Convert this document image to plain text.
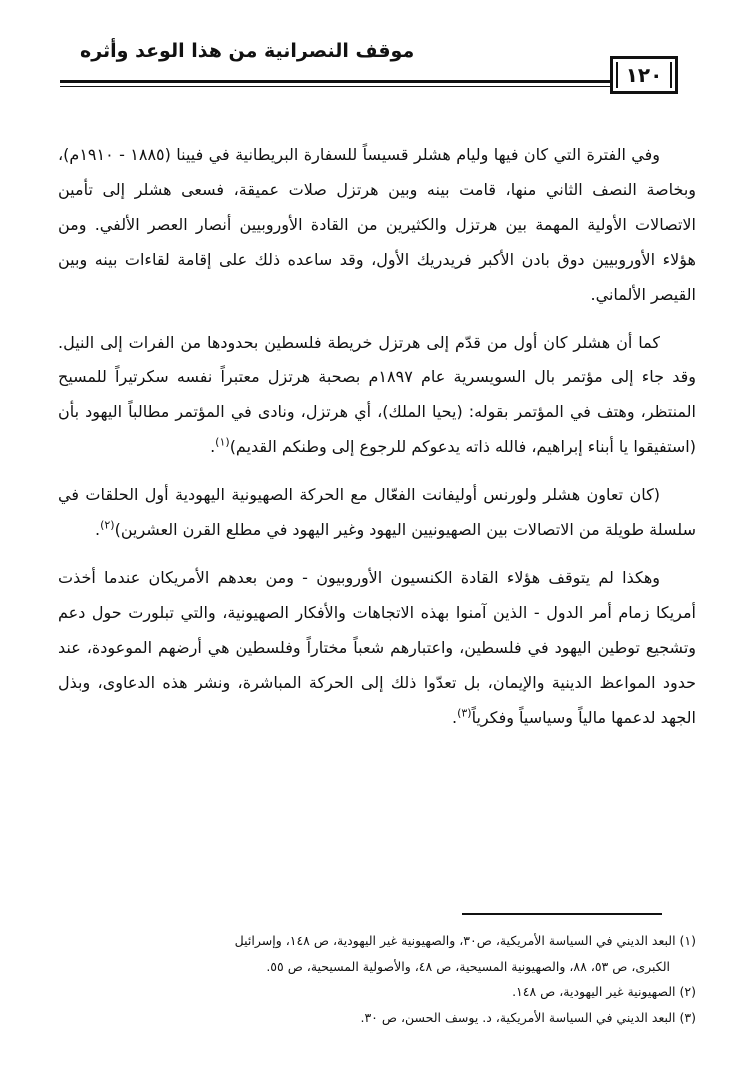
موقف النصرانية من هذا الوعد وأثره
١٢٠

وفي الفترة التي كان فيها وليام هشلر قسيساً للسفارة البريطانية في فيينا (١٨٨٥ - ١٩١٠م)، وبخاصة النصف الثاني منها، قامت بينه وبين هرتزل صلات عميقة، فسعى هشلر إلى تأمين الاتصالات الأولية المهمة بين هرتزل والكثيرين من القادة الأوروبيين أنصار العصر الألفي. ومن هؤلاء الأوروبيين دوق بادن الأكبر فريدريك الأول، وقد ساعده ذلك على إقامة لقاءات بينه وبين القيصر الألماني.

كما أن هشلر كان أول من قدّم إلى هرتزل خريطة فلسطين بحدودها من الفرات إلى النيل. وقد جاء إلى مؤتمر بال السويسرية عام ١٨٩٧م بصحبة هرتزل معتبراً نفسه سكرتيراً للمسيح المنتظر، وهتف في المؤتمر بقوله: (يحيا الملك)، أي هرتزل، ونادى في المؤتمر مطالباً اليهود بأن (استفيقوا يا أبناء إبراهيم، فالله ذاته يدعوكم للرجوع إلى وطنكم القديم)$^{(١)}$.

(كان تعاون هشلر ولورنس أوليفانت الفعّال مع الحركة الصهيونية اليهودية أول الحلقات في سلسلة طويلة من الاتصالات بين الصهيونيين اليهود وغير اليهود في مطلع القرن العشرين)$^{(٢)}$.

وهكذا لم يتوقف هؤلاء القادة الكنسيون الأوروبيون - ومن بعدهم الأمريكان عندما أخذت أمريكا زمام أمر الدول - الذين آمنوا بهذه الاتجاهات والأفكار الصهيونية، والتي تبلورت حول دعم وتشجيع توطين اليهود في فلسطين، واعتبارهم شعباً مختاراً وفلسطين هي أرضهم الموعودة، عند حدود المواعظ الدينية والإيمان، بل تعدّوا ذلك إلى الحركة المباشرة، ونشر هذه الدعاوى، وبذل الجهد لدعمها مالياً وسياسياً وفكرياً$^{(٣)}$.

(١) البعد الديني في السياسة الأمريكية، ص٣٠، والصهيونية غير اليهودية، ص ١٤٨، وإسرائيل

الكبرى، ص ٥٣، ٨٨، والصهيونية المسيحية، ص ٤٨، والأصولية المسيحية، ص ٥٥.

(٢) الصهيونية غير اليهودية، ص ١٤٨.

(٣) البعد الديني في السياسة الأمريكية، د. يوسف الحسن، ص ٣٠.
